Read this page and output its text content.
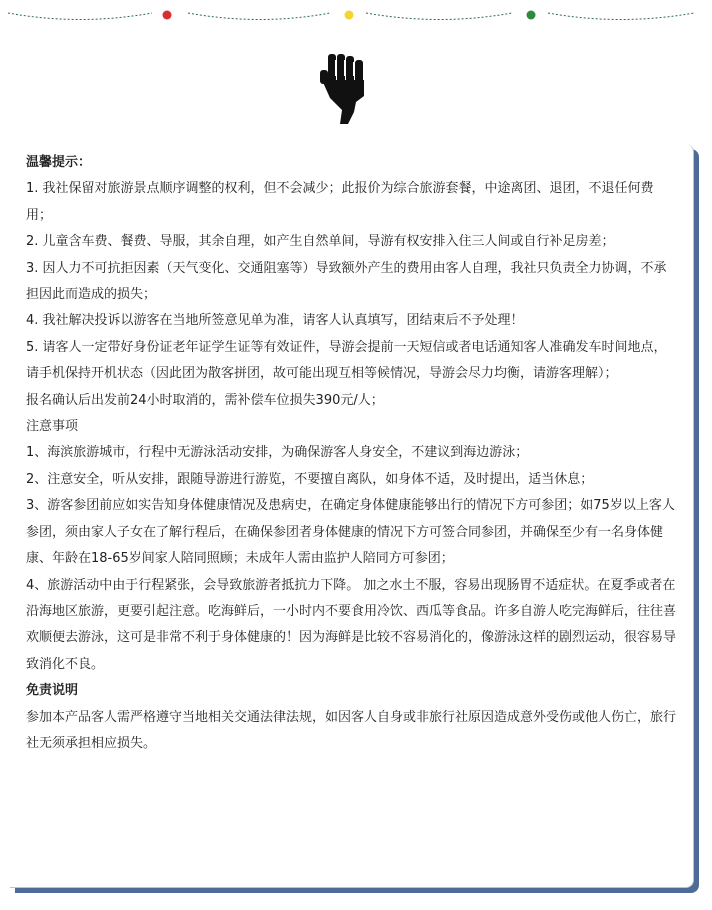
温馨提示：

1. 我社保留对旅游景点顺序调整的权利，但不会减少；此报价为综合旅游套餐，中途离团、退团，不退任何费用；

2. 儿童含车费、餐费、导服，其余自理，如产生自然单间，导游有权安排入住三人间或自行补足房差；

3. 因人力不可抗拒因素（天气变化、交通阻塞等）导致额外产生的费用由客人自理，我社只负责全力协调，不承担因此而造成的损失；

4. 我社解决投诉以游客在当地所签意见单为准，请客人认真填写，团结束后不予处理！

5. 请客人一定带好身份证老年证学生证等有效证件，导游会提前一天短信或者电话通知客人准确发车时间地点，请手机保持开机状态（因此团为散客拼团，故可能出现互相等候情况，导游会尽力均衡，请游客理解）；

报名确认后出发前24小时取消的，需补偿车位损失390元/人；

注意事项

1、海滨旅游城市，行程中无游泳活动安排，为确保游客人身安全，不建议到海边游泳；

2、注意安全，听从安排，跟随导游进行游览，不要擅自离队，如身体不适，及时提出，适当休息；

3、游客参团前应如实告知身体健康情况及患病史，在确定身体健康能够出行的情况下方可参团；如75岁以上客人参团，须由家人子女在了解行程后，在确保参团者身体健康的情况下方可签合同参团，并确保至少有一名身体健康、年龄在18-65岁间家人陪同照顾；未成年人需由监护人陪同方可参团；

4、旅游活动中由于行程紧张，会导致旅游者抵抗力下降。 加之水土不服，容易出现肠胃不适症状。在夏季或者在沿海地区旅游，更要引起注意。吃海鲜后，一小时内不要食用冷饮、西瓜等食品。许多自游人吃完海鲜后，往往喜欢顺便去游泳，这可是非常不利于身体健康的！因为海鲜是比较不容易消化的，像游泳这样的剧烈运动，很容易导致消化不良。

免责说明

参加本产品客人需严格遵守当地相关交通法律法规，如因客人自身或非旅行社原因造成意外受伤或他人伤亡，旅行社无须承担相应损失。
